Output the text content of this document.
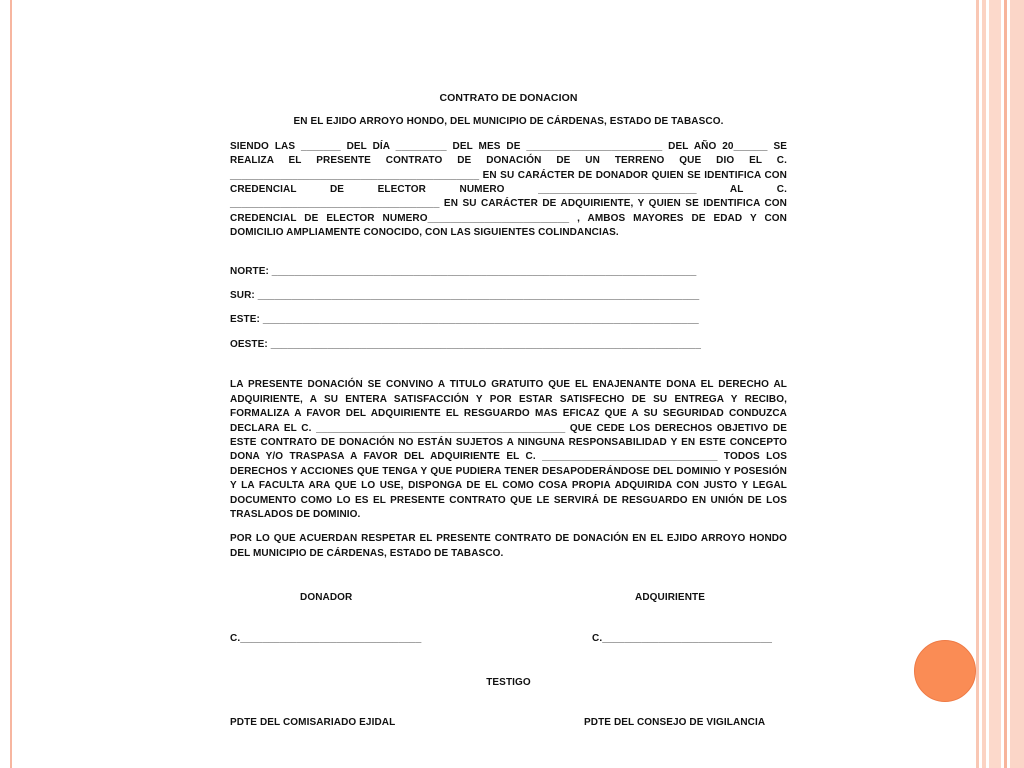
CONTRATO DE DONACION
EN EL EJIDO ARROYO HONDO, DEL MUNICIPIO DE CÁRDENAS, ESTADO DE TABASCO.
SIENDO LAS _______ DEL DÍA _________ DEL MES DE ________________________ DEL AÑO 20______ SE REALIZA EL PRESENTE CONTRATO DE DONACIÓN DE UN TERRENO QUE DIO EL C. ____________________________________________ EN SU CARÁCTER DE DONADOR QUIEN SE IDENTIFICA CON CREDENCIAL DE ELECTOR NUMERO ____________________________ AL C. _____________________________________ EN SU CARÁCTER DE ADQUIRIENTE, Y QUIEN SE IDENTIFICA CON CREDENCIAL DE ELECTOR NUMERO_________________________ , AMBOS MAYORES DE EDAD Y CON DOMICILIO AMPLIAMENTE CONOCIDO, CON LAS SIGUIENTES COLINDANCIAS.
NORTE: ___________________________________________________________________________
SUR: ______________________________________________________________________________
ESTE: _____________________________________________________________________________
OESTE: ____________________________________________________________________________
LA PRESENTE DONACIÓN SE CONVINO A TITULO GRATUITO QUE EL ENAJENANTE DONA EL DERECHO AL ADQUIRIENTE, A SU ENTERA SATISFACCIÓN Y POR ESTAR SATISFECHO DE SU ENTREGA Y RECIBO, FORMALIZA A FAVOR DEL ADQUIRIENTE EL RESGUARDO MAS EFICAZ QUE A SU SEGURIDAD CONDUZCA DECLARA EL C. ____________________________________________ QUE CEDE LOS DERECHOS OBJETIVO DE ESTE CONTRATO DE DONACIÓN NO ESTÁN SUJETOS A NINGUNA RESPONSABILIDAD Y EN ESTE CONCEPTO DONA Y/O TRASPASA A FAVOR DEL ADQUIRIENTE EL C. _______________________________ TODOS LOS DERECHOS Y ACCIONES QUE TENGA Y QUE PUDIERA TENER DESAPODERÁNDOSE DEL DOMINIO Y POSESIÓN Y LA FACULTA ARA QUE LO USE, DISPONGA DE EL COMO COSA PROPIA ADQUIRIDA CON JUSTO Y LEGAL DOCUMENTO COMO LO ES EL PRESENTE CONTRATO QUE LE SERVIRÁ DE RESGUARDO EN UNIÓN DE LOS TRASLADOS DE DOMINIO.
POR LO QUE ACUERDAN RESPETAR EL PRESENTE CONTRATO DE DONACIÓN EN EL EJIDO ARROYO HONDO DEL MUNICIPIO DE CÁRDENAS, ESTADO DE TABASCO.
DONADOR	ADQUIRIENTE
C.________________________________	C.______________________________
TESTIGO
PDTE DEL COMISARIADO EJIDAL	PDTE DEL CONSEJO DE VIGILANCIA
